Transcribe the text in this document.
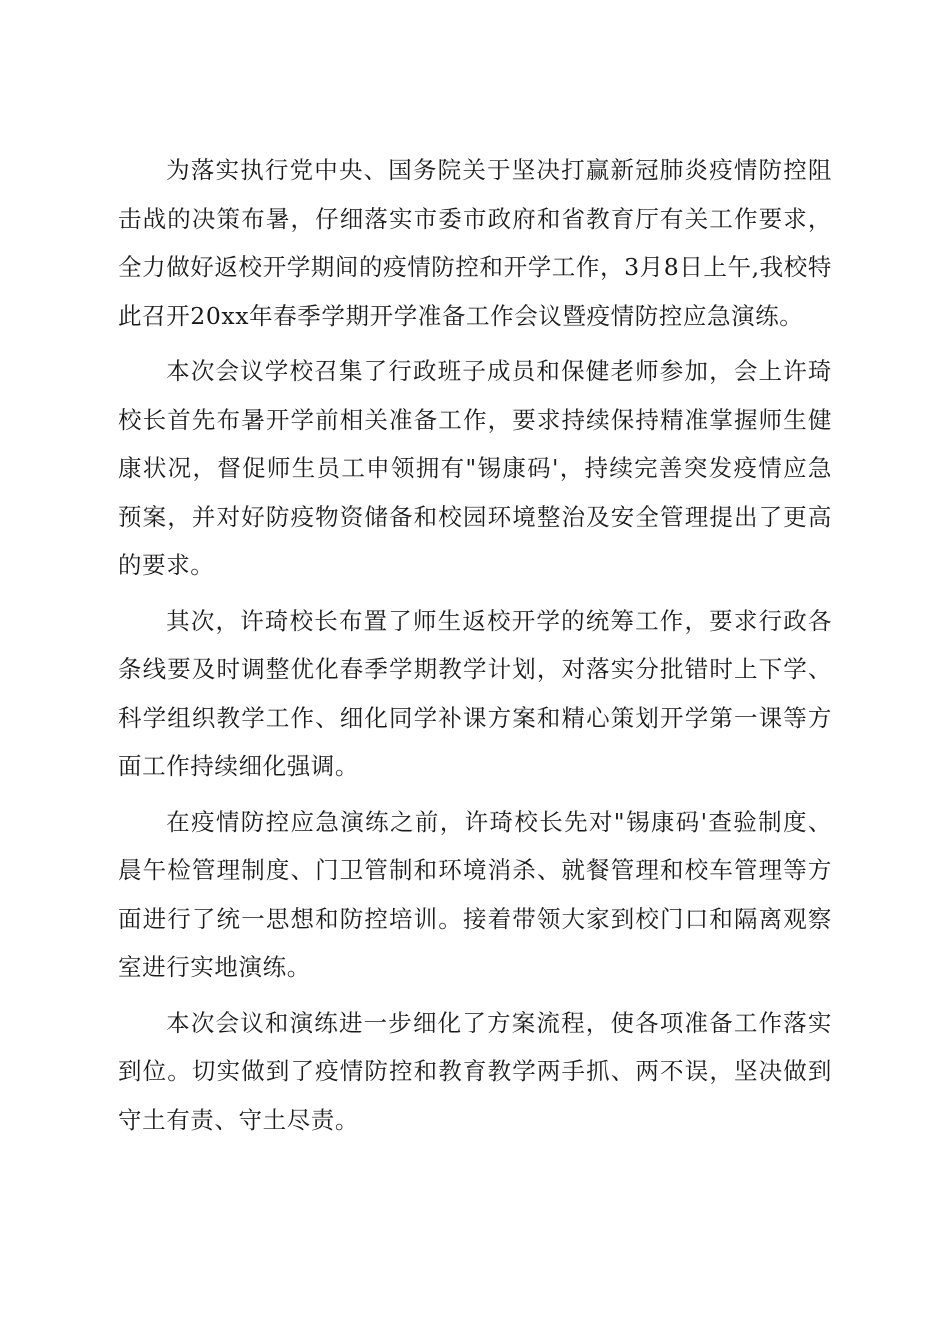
为落实执行党中央、国务院关于坚决打赢新冠肺炎疫情防控阻击战的决策布暑，仔细落实市委市政府和省教育厅有关工作要求，全力做好返校开学期间的疫情防控和开学工作，3月8日上午,我校特此召开20xx年春季学期开学准备工作会议暨疫情防控应急演练。

本次会议学校召集了行政班子成员和保健老师参加，会上许琦校长首先布暑开学前相关准备工作，要求持续保持精准掌握师生健康状况，督促师生员工申领拥有"锡康码'，持续完善突发疫情应急预案，并对好防疫物资储备和校园环境整治及安全管理提出了更高的要求。

其次，许琦校长布置了师生返校开学的统筹工作，要求行政各条线要及时调整优化春季学期教学计划，对落实分批错时上下学、科学组织教学工作、细化同学补课方案和精心策划开学第一课等方面工作持续细化强调。

在疫情防控应急演练之前，许琦校长先对"锡康码'查验制度、晨午检管理制度、门卫管制和环境消杀、就餐管理和校车管理等方面进行了统一思想和防控培训。接着带领大家到校门口和隔离观察室进行实地演练。

本次会议和演练进一步细化了方案流程，使各项准备工作落实到位。切实做到了疫情防控和教育教学两手抓、两不误，坚决做到守土有责、守土尽责。
